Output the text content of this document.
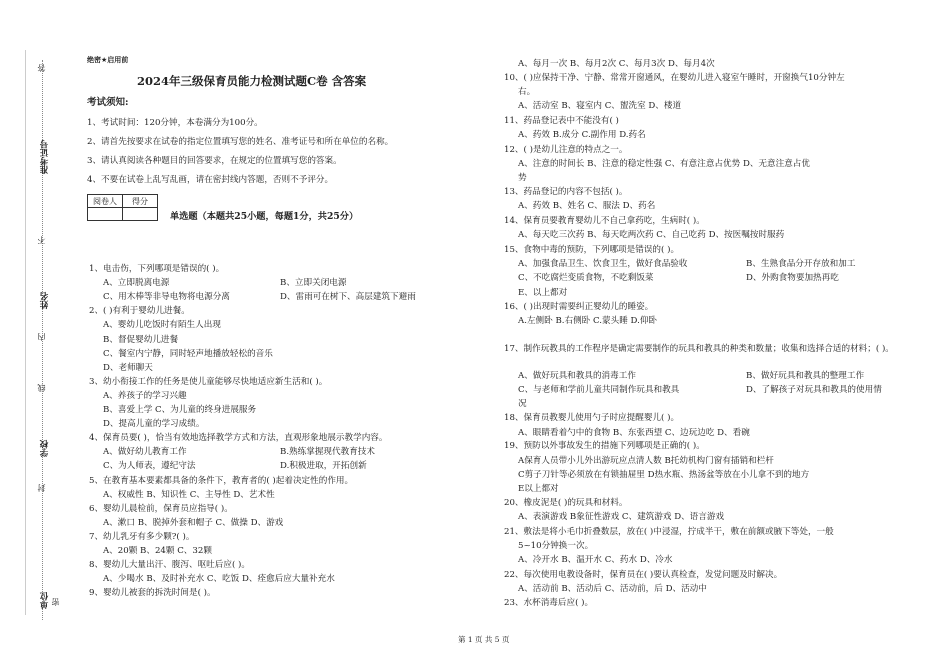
准考证号
姓名
学校
单位
答
不
内
线
封
密
绝密★启用前
2024年三级保育员能力检测试题C卷 含答案
考试须知:
1、考试时间：120分钟，本卷满分为100分。
2、请首先按要求在试卷的指定位置填写您的姓名、准考证号和所在单位的名称。
3、请认真阅读各种题目的回答要求，在规定的位置填写您的答案。
4、不要在试卷上乱写乱画，请在密封线内答题，否则不予评分。
阅卷人	得分

单选题（本题共25小题，每题1分，共25分）
1、电击伤，下列哪项是错误的( )。
A、立即脱离电源	B、立即关闭电源
C、用木棒等非导电物将电源分离	D、雷雨可在树下、高层建筑下避雨
2、( )有利于婴幼儿进餐。
A、婴幼儿吃饭时有陌生人出现
B、督促婴幼儿进餐
C、餐室内宁静，同时轻声地播放轻松的音乐
D、老师聊天
3、幼小衔接工作的任务是使儿童能够尽快地适应新生活和( )。
A、养孩子的学习兴趣
B、喜爱上学 C、为儿童的终身进展服务
D、提高儿童的学习成绩。
4、保育员要( )，恰当有效地选择教学方式和方法，直观形象地展示教学内容。
A、做好幼儿教育工作	B.熟练掌握现代教育技术
C、为人师表，遵纪守法	D.积极进取，开拓创新
5、在教育基本要素都具备的条件下，教育者的( )起着决定性的作用。
A、权威性 B、知识性 C、主导性 D、艺术性
6、婴幼儿晨检前，保育员应指导( )。
A、漱口 B、脱掉外套和帽子 C、做操 D、游戏
7、幼儿乳牙有多少颗?( )。
A、20颗 B、24颗 C、32颗
8、婴幼儿大量出汗、腹泻、呕吐后应( )。
A、少喝水 B、及时补充水 C、吃饭 D、痊愈后应大量补充水
9、婴幼儿被套的拆洗时间是( )。
A、每月一次 B、每月2次 C、每月3次 D、每月4次
10、( )应保持干净、宁静、常常开窗通风，在婴幼儿进入寝室午睡时，开窗换气10分钟左
右。
A、活动室 B、寝室内 C、盥洗室 D、楼道
11、药品登记表中不能没有( )
A、药效 B.成分 C.副作用 D.药名
12、( )是幼儿注意的特点之一。
A、注意的时间长 B、注意的稳定性强 C、有意注意占优势 D、无意注意占优
势
13、药品登记的内容不包括( )。
A、药效 B、姓名 C、服法 D、药名
14、保育员要教育婴幼儿不自己拿药吃，生病时( )。
A、每天吃三次药 B、每天吃两次药 C、自己吃药 D、按医嘱按时服药
15、食物中毒的预防，下列哪项是错误的( )。
A、加强食品卫生、饮食卫生，做好食品验收	B、生熟食品分开存放和加工
C、不吃腐烂变质食物，不吃剩饭菜	D、外购食物要加热再吃
E、以上都对
16、( )出现时需要纠正婴幼儿的睡姿。
A.左侧卧 B.右侧卧 C.蒙头睡 D.仰卧
17、制作玩教具的工作程序是确定需要制作的玩具和教具的种类和数量；收集和选择合适的材料；( )。
A、做好玩具和教具的消毒工作	B、做好玩具和教具的整理工作
C、与老师和学前儿童共同制作玩具和教具	D、了解孩子对玩具和教具的使用情
况
18、保育员教婴儿使用勺子时应提醒婴儿( )。
A、眼睛看着勺中的食物 B、东张西望 C、边玩边吃 D、看碗
19、预防以外事故发生的措施下列哪项是正确的( )。
A保育人员带小儿外出游玩应点清人数 B托幼机构门窗有插销和栏杆
C剪子刀针等必须放在有锁抽屉里 D热水瓶、热汤盆等放在小儿拿不到的地方
E以上都对
20、橡皮泥是( )的玩具和材料。
A、表演游戏 B象征性游戏 C、建筑游戏 D、语言游戏
21、敷法是将小毛巾折叠数层，放在( )中浸湿，拧成半干，敷在前额或腋下等处，一般
5~10分钟换一次。
A、冷开水 B、温开水 C、药水 D、冷水
22、每次使用电教设备时，保育员在( )要认真检查，发觉问题及时解决。
A、活动前 B、活动后 C、活动前，后 D、活动中
23、水杯消毒后应( )。
第 1 页 共 5 页
